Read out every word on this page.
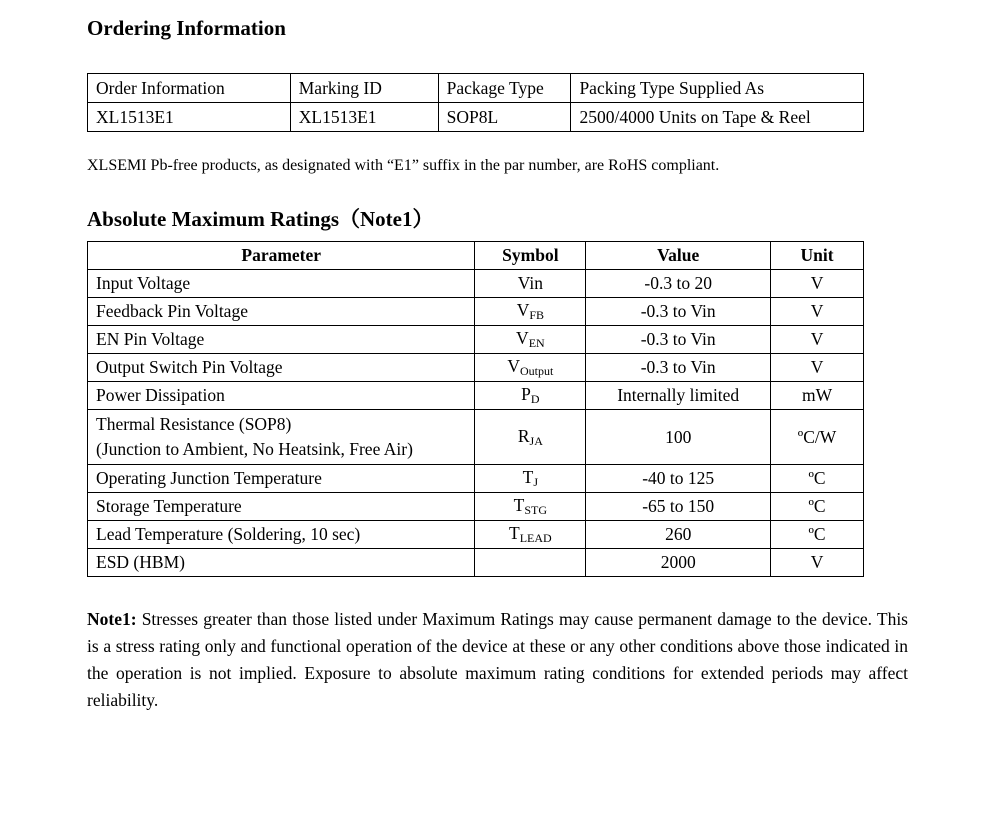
Ordering Information
Order Information	Marking ID	Package Type	Packing Type Supplied As
XL1513E1	XL1513E1	SOP8L	2500/4000 Units on Tape & Reel

XLSEMI Pb-free products, as designated with “E1” suffix in the par number, are RoHS compliant.

Absolute Maximum Ratings（Note1）
Parameter	Symbol	Value	Unit
Input Voltage	Vin	-0.3 to 20	V
Feedback Pin Voltage	$V_{FB}$	-0.3 to Vin	V
EN Pin Voltage	$V_{EN}$	-0.3 to Vin	V
Output Switch Pin Voltage	$V_{Output}$	-0.3 to Vin	V
Power Dissipation	$P_D$	Internally limited	mW
Thermal Resistance (SOP8)
(Junction to Ambient, No Heatsink, Free Air)	$R_{JA}$	100	ºC/W
Operating Junction Temperature	$T_J$	-40 to 125	ºC
Storage Temperature	$T_{STG}$	-65 to 150	ºC
Lead Temperature (Soldering, 10 sec)	$T_{LEAD}$	260	ºC
ESD (HBM)		2000	V

Note1: Stresses greater than those listed under Maximum Ratings may cause permanent damage to the device. This is a stress rating only and functional operation of the device at these or any other conditions above those indicated in the operation is not implied. Exposure to absolute maximum rating conditions for extended periods may affect reliability.
